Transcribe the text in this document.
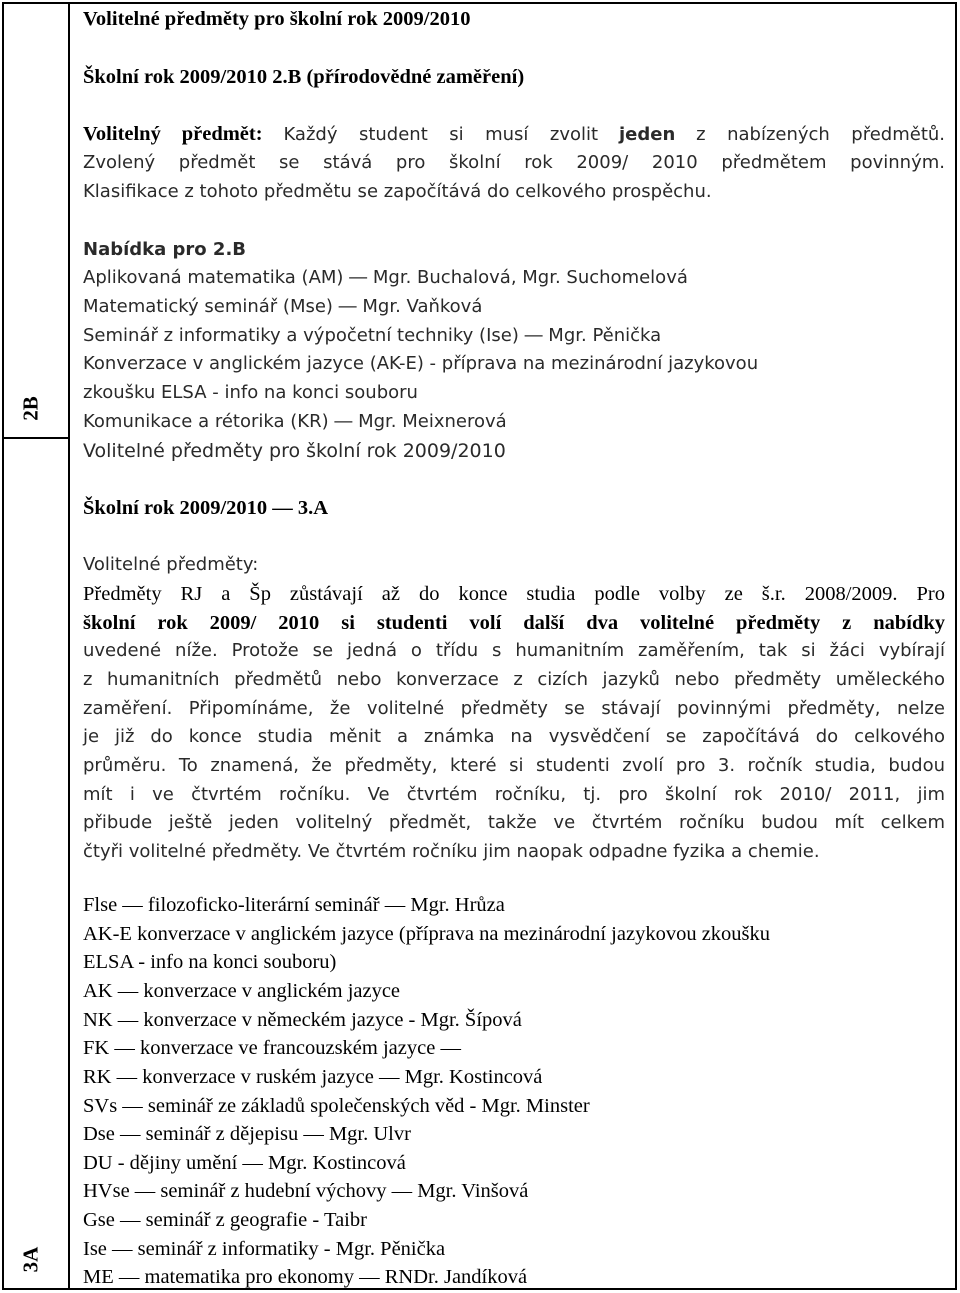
2B
3A
Volitelné předměty pro školní rok 2009/2010
Školní rok 2009/2010 2.B (přírodovědné zaměření)
Volitelný předmět: Každý student si musí zvolit jeden z nabízených předmětů.
Zvolený předmět se stává pro školní rok 2009/ 2010 předmětem povinným.
Klasifikace z tohoto předmětu se započítává do celkového prospěchu.
Nabídka pro 2.B
Aplikovaná matematika (AM) ― Mgr. Buchalová, Mgr. Suchomelová
Matematický seminář (Mse) ― Mgr. Vaňková
Seminář z informatiky a výpočetní techniky (Ise) ― Mgr. Pěnička
Konverzace v anglickém jazyce (AK-E) - příprava na mezinárodní jazykovou
zkoušku ELSA - info na konci souboru
Komunikace a rétorika (KR) ― Mgr. Meixnerová
Volitelné předměty pro školní rok 2009/2010
Školní rok 2009/2010 ― 3.A
Volitelné předměty:
Předměty RJ a Šp zůstávají až do konce studia podle volby ze š.r. 2008/2009. Pro
školní rok 2009/ 2010 si studenti volí další dva volitelné předměty z nabídky
uvedené níže. Protože se jedná o třídu s humanitním zaměřením, tak si žáci vybírají
z humanitních předmětů nebo konverzace z cizích jazyků nebo předměty uměleckého
zaměření. Připomínáme, že volitelné předměty se stávají povinnými předměty, nelze
je již do konce studia měnit a známka na vysvědčení se započítává do celkového
průměru. To znamená, že předměty, které si studenti zvolí pro 3. ročník studia, budou
mít i ve čtvrtém ročníku. Ve čtvrtém ročníku, tj. pro školní rok 2010/ 2011, jim
přibude ještě jeden volitelný předmět, takže ve čtvrtém ročníku budou mít celkem
čtyři volitelné předměty. Ve čtvrtém ročníku jim naopak odpadne fyzika a chemie.
Flse ― filozoficko-literární seminář ― Mgr. Hrůza
AK-E konverzace v anglickém jazyce (příprava na mezinárodní jazykovou zkoušku
ELSA - info na konci souboru)
AK ― konverzace v anglickém jazyce
NK ― konverzace v německém jazyce - Mgr. Šípová
FK ― konverzace ve francouzském jazyce ―
RK ― konverzace v ruském jazyce ― Mgr. Kostincová
SVs ― seminář ze základů společenských věd - Mgr. Minster
Dse ― seminář z dějepisu ― Mgr. Ulvr
DU - dějiny umění ― Mgr. Kostincová
HVse ― seminář z hudební výchovy ― Mgr. Vinšová
Gse ― seminář z geografie - Taibr
Ise ― seminář z informatiky - Mgr. Pěnička
ME ― matematika pro ekonomy ― RNDr. Jandíková
